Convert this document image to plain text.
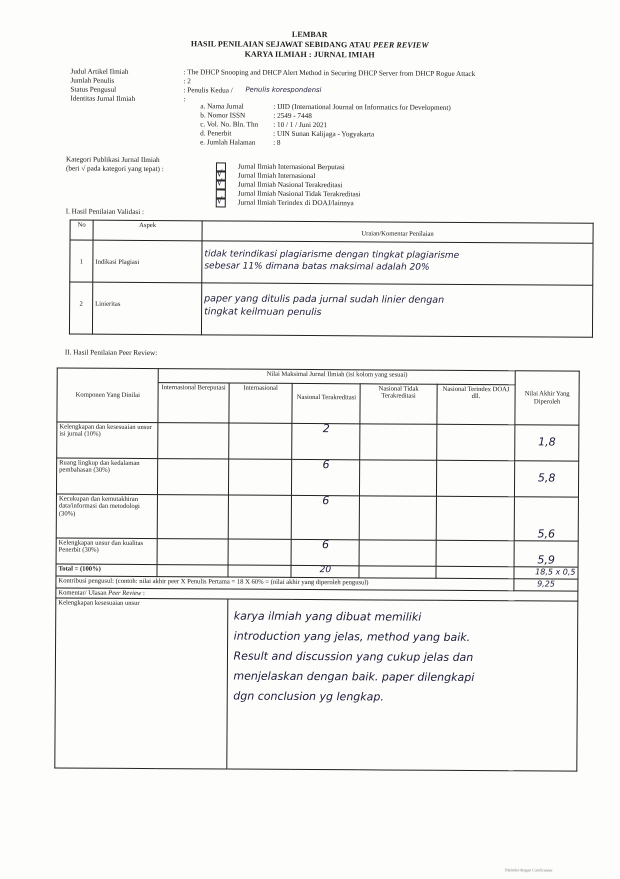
LEMBAR
HASIL PENILAIAN SEJAWAT SEBIDANG ATAU PEER REVIEW
KARYA ILMIAH : JURNAL IMIAH
Judul Artikel Ilmiah	: The DHCP Snooping and DHCP Alert Method in Securing DHCP Server from DHCP Rogue Attack
Jumlah Penulis	: 2
Status Pengusul	: Penulis Kedua / Penulis korespondensi
Identitas Jurnal Ilmiah	:
a. Nama Jurnal	: IJID (International Journal on Informatics for Development)
b. Nomor ISSN	: 2549 - 7448
c. Vol. No. Bln. Thn : 10 / 1 / Juni 2021
d. Penerbit	: UIN Sunan Kalijaga - Yogyakarta
e. Jumlah Halaman : 8
Kategori Publikasi Jurnal Ilmiah
(beri √ pada kategori yang tepat) :	Jurnal Ilmiah Internasional Berputasi
√ Jurnal Ilmiah Internasional
√ Jurnal Ilmiah Nasional Terakreditasi
Jurnal Ilmiah Nasional Tidak Terakreditasi
√ Jurnal Ilmiah Terindex di DOAJ/lainnya
I. Hasil Penilaian Validasi :
No	Aspek	Uraian/Komentar Penilaian
1	Indikasi Plagiasi	tidak terindikasi plagiarisme dengan tingkat plagiarisme
sebesar 11% dimana batas maksimal adalah 20%

2	Linieritas	paper yang ditulis pada jurnal sudah linier dengan
tingkat keilmuan penulis
II. Hasil Penilaian Peer Review:
Komponen Yang Dinilai	Nilai Maksimal Jurnal Ilmiah (isi kolom yang sesuai)					Nilai Akhir Yang Diperoleh
	Internasional Bereputasi	Internasional	Nasional Terakreditasi	Nasional Tidak Terakreditasi	Nasional Terindex DOAJ dll.	
Kelengkapan dan kesesuaian unsur isi jurnal (10%)			2			1,8
Ruang lingkup dan kedalaman pembahasan (30%)			6			5,8
Kecukupan dan kemutakhiran data/informasi dan metodologi (30%)			6			5,6
Kelengkapan unsur dan kualitas Penerbit (30%)			6			5,9
Total = (100%)			20			18,5 x 0,5
Kontribusi pengusul: (contoh: nilai akhir peer X Penulis Pertama = 18 X 60% = (nilai akhir yang diperoleh pengusul)						9,25
Komentar/ Ulasan Peer Review :						
Kelengkapan kesesuaian unsur		karya ilmiah yang dibuat memiliki
introduction yang jelas, method yang baik.
Result and discussion yang cukup jelas dan
menjelaskan dengan baik. paper dilengkapi
dgn conclusion yg lengkap.				
Dipindai dengan CamScanner
